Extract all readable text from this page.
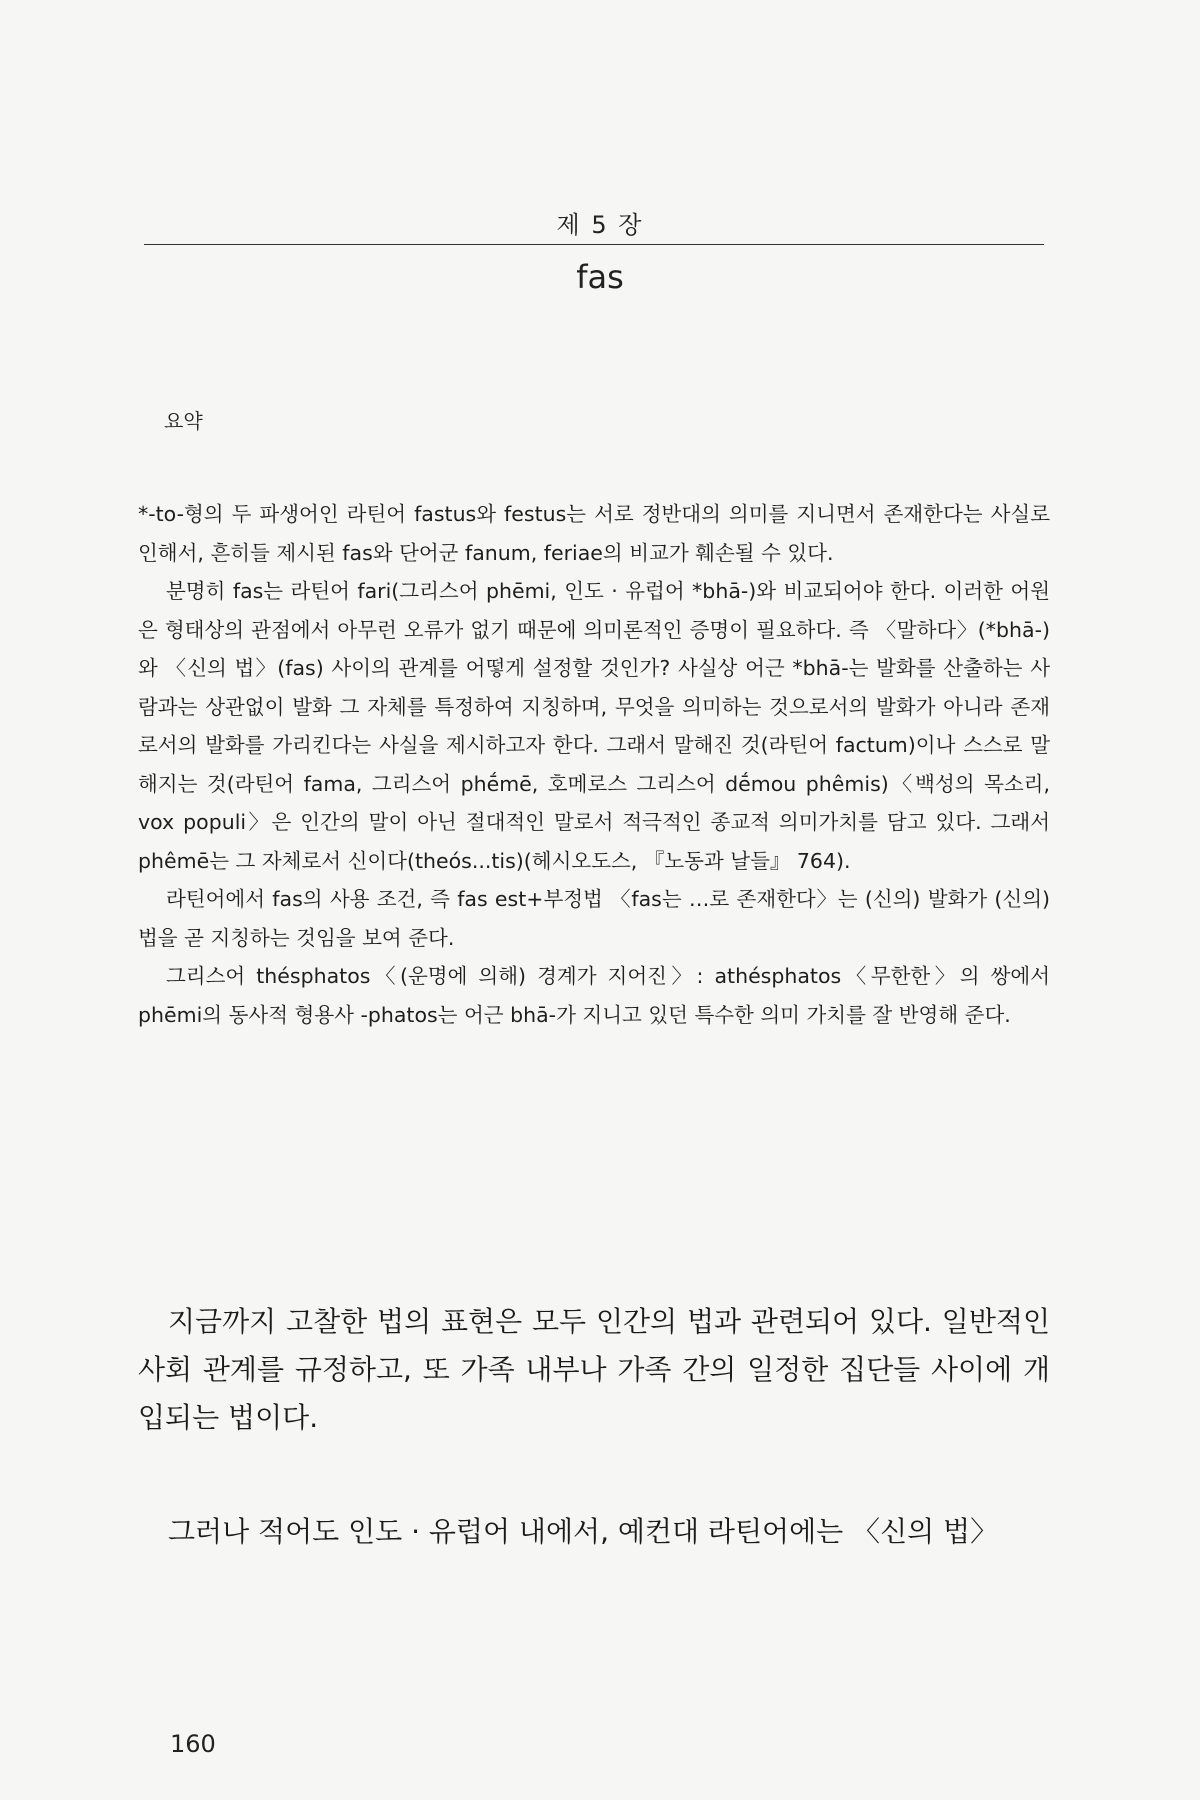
제 5 장
fas
요약

*-to-형의 두 파생어인 라틴어 fastus와 festus는 서로 정반대의 의미를 지니면서 존재한다는 사실로 인해서, 흔히들 제시된 fas와 단어군 fanum, feriae의 비교가 훼손될 수 있다.

분명히 fas는 라틴어 fari(그리스어 phēmi, 인도 · 유럽어 *bhā-)와 비교되어야 한다. 이러한 어원은 형태상의 관점에서 아무런 오류가 없기 때문에 의미론적인 증명이 필요하다. 즉 〈말하다〉(*bhā-)와 〈신의 법〉(fas) 사이의 관계를 어떻게 설정할 것인가? 사실상 어근 *bhā-는 발화를 산출하는 사람과는 상관없이 발화 그 자체를 특정하여 지칭하며, 무엇을 의미하는 것으로서의 발화가 아니라 존재로서의 발화를 가리킨다는 사실을 제시하고자 한다. 그래서 말해진 것(라틴어 factum)이나 스스로 말해지는 것(라틴어 fama, 그리스어 phḗmē, 호메로스 그리스어 dḗmou phêmis)〈백성의 목소리, vox populi〉은 인간의 말이 아닌 절대적인 말로서 적극적인 종교적 의미가치를 담고 있다. 그래서 phêmē는 그 자체로서 신이다(theós...tis)(헤시오도스, 『노동과 날들』 764).

라틴어에서 fas의 사용 조건, 즉 fas est+부정법 〈fas는 …로 존재한다〉는 (신의) 발화가 (신의) 법을 곧 지칭하는 것임을 보여 준다.

그리스어 thésphatos〈(운명에 의해) 경계가 지어진〉: athésphatos〈무한한〉의 쌍에서 phēmi의 동사적 형용사 -phatos는 어근 bhā-가 지니고 있던 특수한 의미 가치를 잘 반영해 준다.

지금까지 고찰한 법의 표현은 모두 인간의 법과 관련되어 있다. 일반적인 사회 관계를 규정하고, 또 가족 내부나 가족 간의 일정한 집단들 사이에 개입되는 법이다.

그러나 적어도 인도 · 유럽어 내에서, 예컨대 라틴어에는 〈신의 법〉

160
